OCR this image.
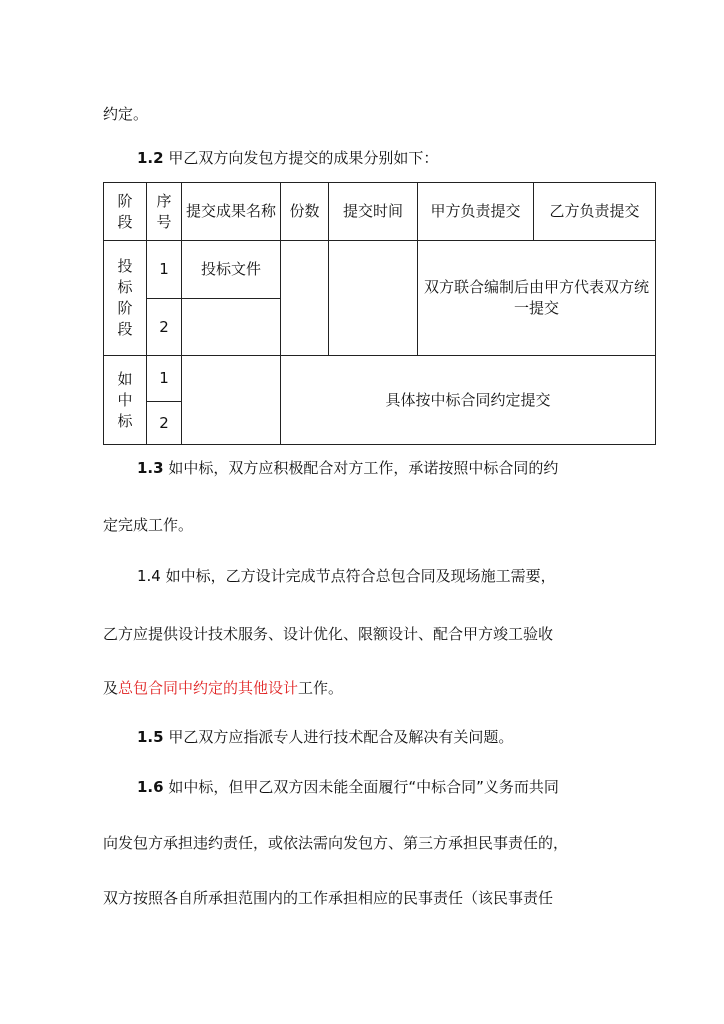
约定。
1.2 甲乙双方向发包方提交的成果分别如下：
阶段	序号	提交成果名称	份数	提交时间	甲方负责提交	乙方负责提交
投标阶段	1	投标文件			双方联合编制后由甲方代表双方统一提交	
	2					
如中标	1		具体按中标合同约定提交			
	2					
1.3 如中标，双方应积极配合对方工作，承诺按照中标合同的约
定完成工作。
1.4 如中标，乙方设计完成节点符合总包合同及现场施工需要，
乙方应提供设计技术服务、设计优化、限额设计、配合甲方竣工验收
及总包合同中约定的其他设计工作。
1.5 甲乙双方应指派专人进行技术配合及解决有关问题。
1.6 如中标，但甲乙双方因未能全面履行“中标合同”义务而共同
向发包方承担违约责任，或依法需向发包方、第三方承担民事责任的，
双方按照各自所承担范围内的工作承担相应的民事责任（该民事责任
